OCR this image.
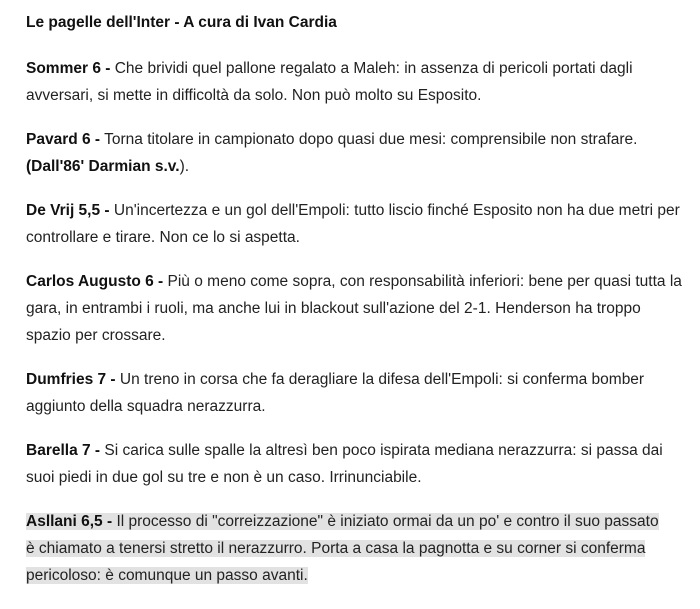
Le pagelle dell'Inter - A cura di Ivan Cardia

Sommer 6 - Che brividi quel pallone regalato a Maleh: in assenza di pericoli portati dagli avversari, si mette in difficoltà da solo. Non può molto su Esposito.

Pavard 6 - Torna titolare in campionato dopo quasi due mesi: comprensibile non strafare. (Dall'86' Darmian s.v.).

De Vrij 5,5 - Un'incertezza e un gol dell'Empoli: tutto liscio finché Esposito non ha due metri per controllare e tirare. Non ce lo si aspetta.

Carlos Augusto 6 - Più o meno come sopra, con responsabilità inferiori: bene per quasi tutta la gara, in entrambi i ruoli, ma anche lui in blackout sull'azione del 2-1. Henderson ha troppo spazio per crossare.

Dumfries 7 - Un treno in corsa che fa deragliare la difesa dell'Empoli: si conferma bomber aggiunto della squadra nerazzurra.

Barella 7 - Si carica sulle spalle la altresì ben poco ispirata mediana nerazzurra: si passa dai suoi piedi in due gol su tre e non è un caso. Irrinunciabile.

Asllani 6,5 - Il processo di "correizzazione" è iniziato ormai da un po' e contro il suo passato
è chiamato a tenersi stretto il nerazzurro. Porta a casa la pagnotta e su corner si conferma
pericoloso: è comunque un passo avanti.
